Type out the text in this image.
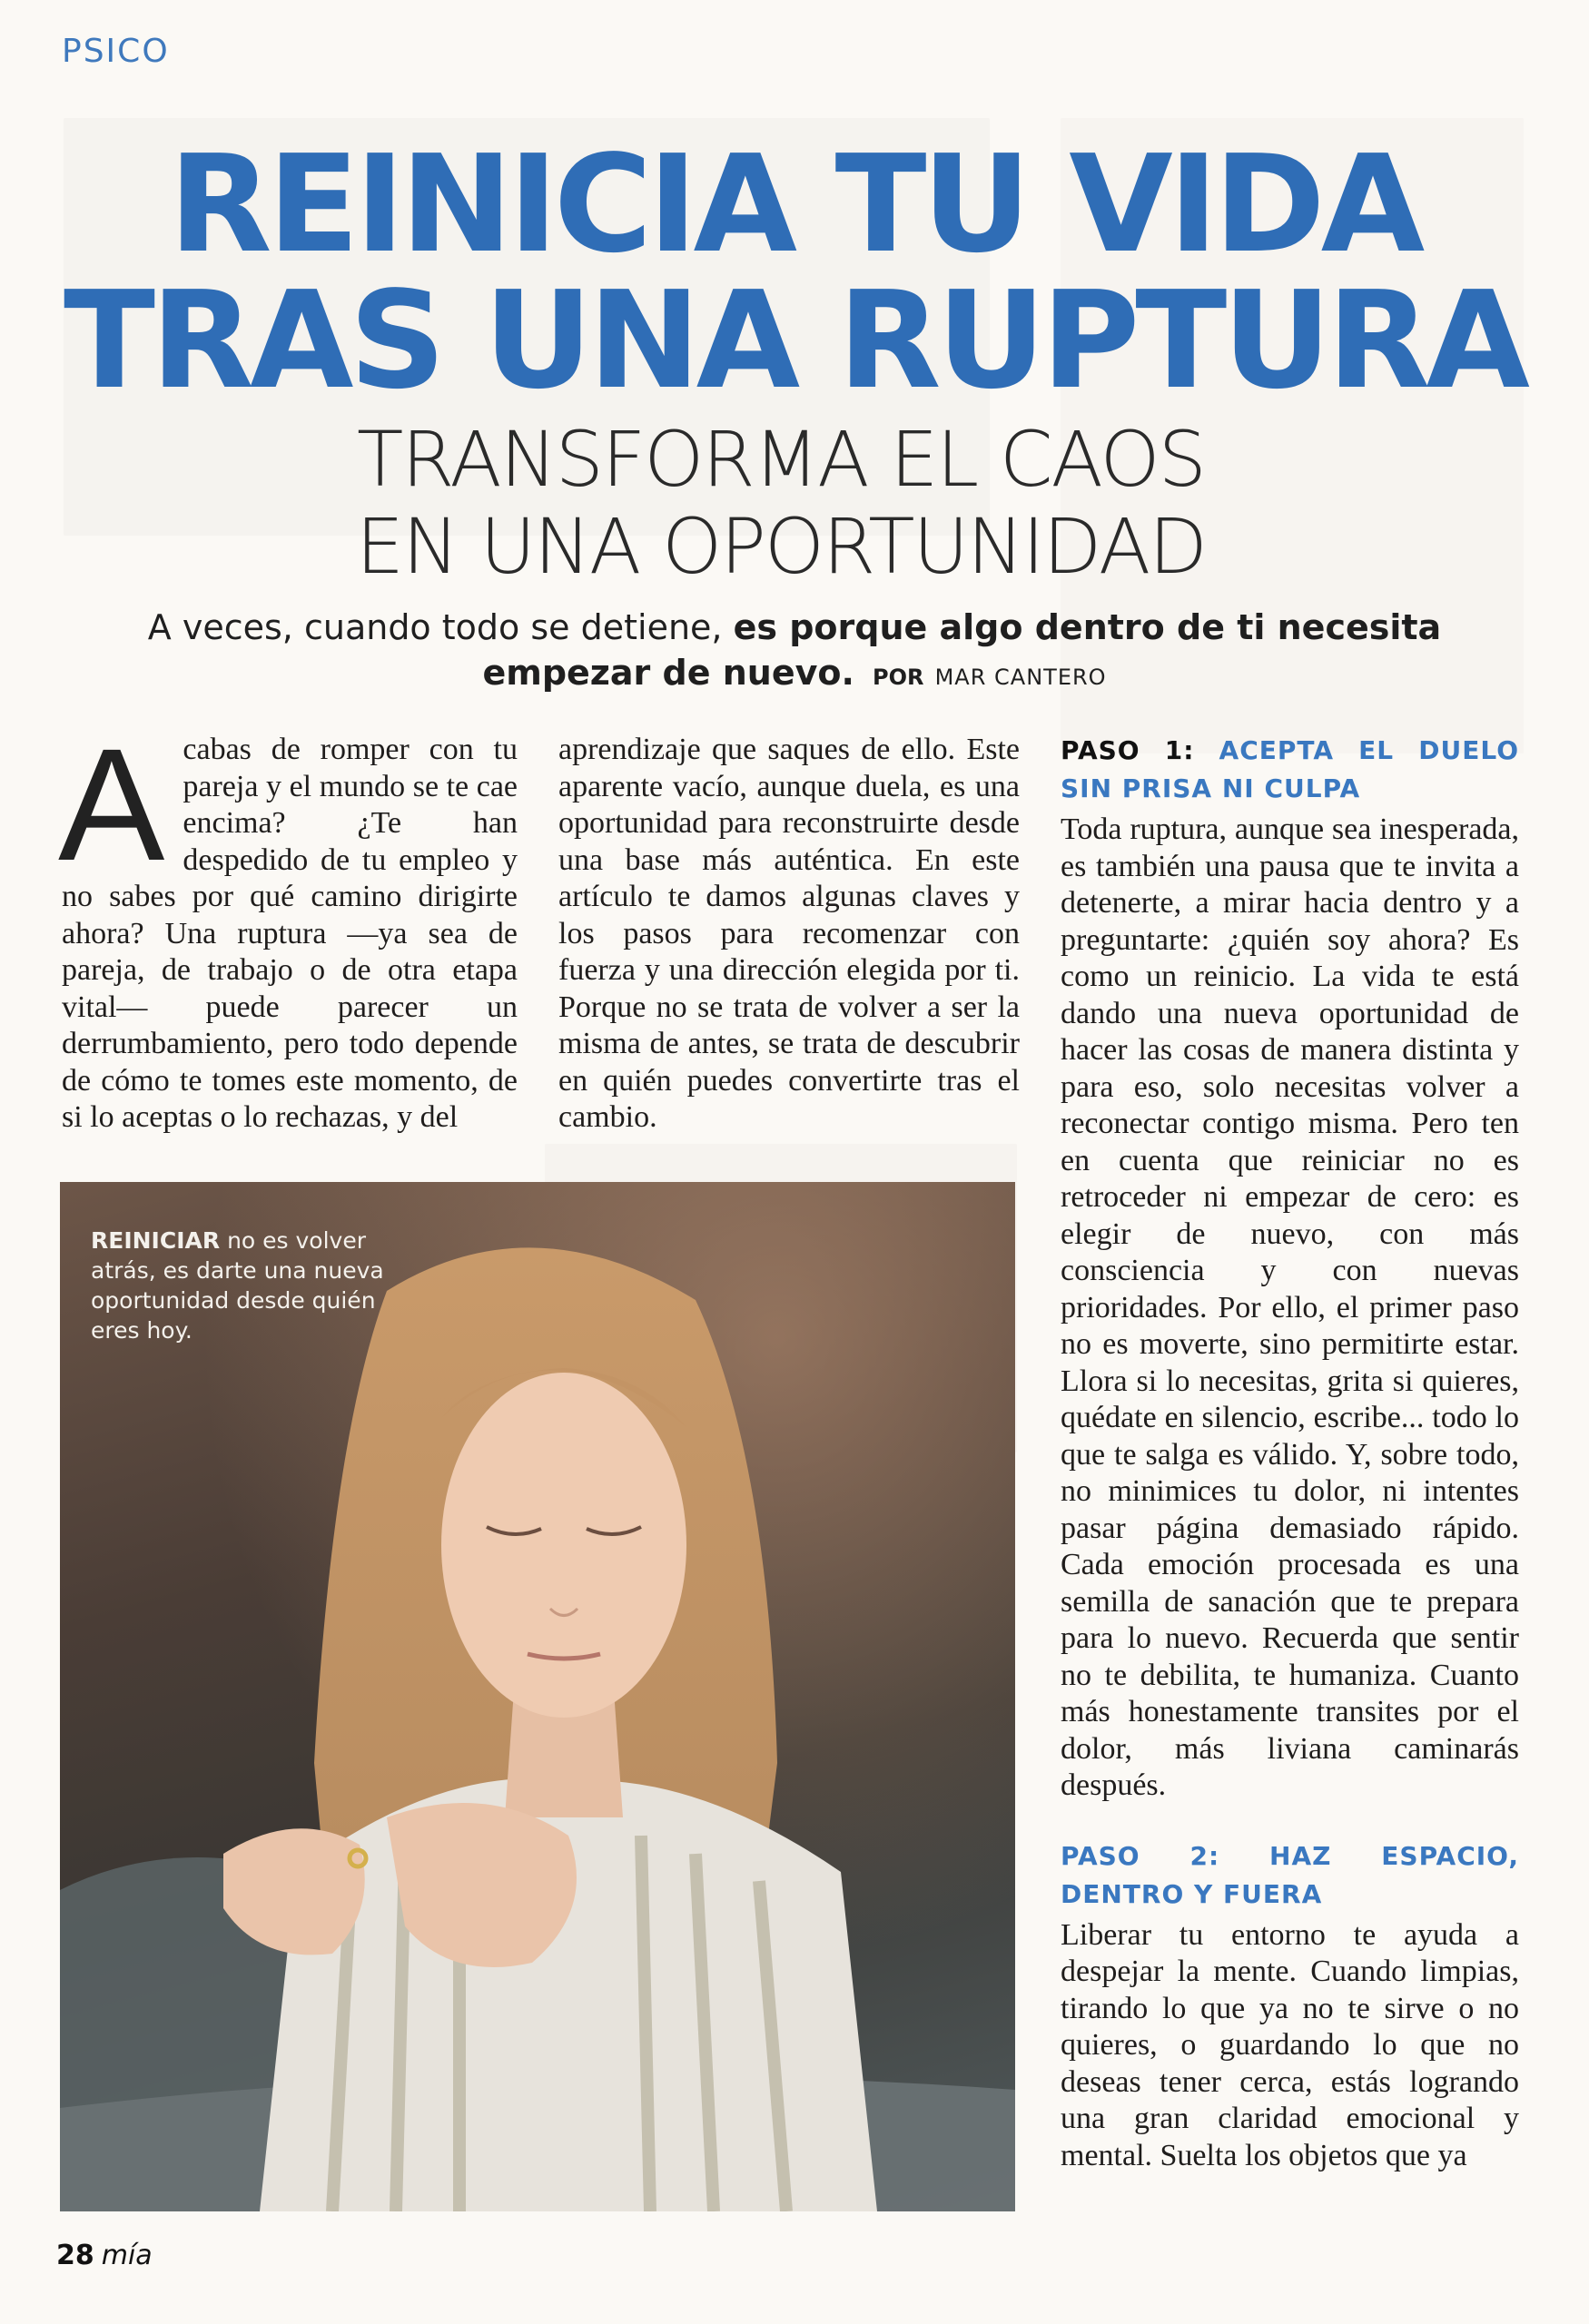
PSICO
REINICIA TU VIDA
TRAS UNA RUPTURA
TRANSFORMA EL CAOS
EN UNA OPORTUNIDAD
A veces, cuando todo se detiene, es porque algo dentro de ti necesita empezar de nuevo. POR MAR CANTERO
Acabas de romper con tu pareja y el mundo se te cae encima? ¿Te han despedido de tu empleo y no sabes por qué camino dirigirte ahora? Una ruptura —ya sea de pareja, de trabajo o de otra etapa vital— puede parecer un derrumbamiento, pero todo depende de cómo te tomes este momento, de si lo aceptas o lo rechazas, y del
aprendizaje que saques de ello. Este aparente vacío, aunque duela, es una oportunidad para reconstruirte desde una base más auténtica. En este artículo te damos algunas claves y los pasos para recomenzar con fuerza y una dirección elegida por ti. Porque no se trata de volver a ser la misma de antes, se trata de descubrir en quién puedes convertirte tras el cambio.

PASO 1: ACEPTA EL DUELO SIN PRISA NI CULPA

Toda ruptura, aunque sea inesperada, es también una pausa que te invita a detenerte, a mirar hacia dentro y a preguntarte: ¿quién soy ahora? Es como un reinicio. La vida te está dando una nueva oportunidad de hacer las cosas de manera distinta y para eso, solo necesitas volver a reconectar contigo misma. Pero ten en cuenta que reiniciar no es retroceder ni empezar de cero: es elegir de nuevo, con más consciencia y con nuevas prioridades. Por ello, el primer paso no es moverte, sino permitirte estar. Llora si lo necesitas, grita si quieres, quédate en silencio, escribe... todo lo que te salga es válido. Y, sobre todo, no minimices tu dolor, ni intentes pasar página demasiado rápido. Cada emoción procesada es una semilla de sanación que te prepara para lo nuevo. Recuerda que sentir no te debilita, te humaniza. Cuanto más honestamente transites por el dolor, más liviana caminarás después.

PASO 2: HAZ ESPACIO, DENTRO Y FUERA

Liberar tu entorno te ayuda a despejar la mente. Cuando limpias, tirando lo que ya no te sirve o no quieres, o guardando lo que no deseas tener cerca, estás logrando una gran claridad emocional y mental. Suelta los objetos que ya

REINICIAR no es volver atrás, es darte una nueva oportunidad desde quién eres hoy.
28 mía
